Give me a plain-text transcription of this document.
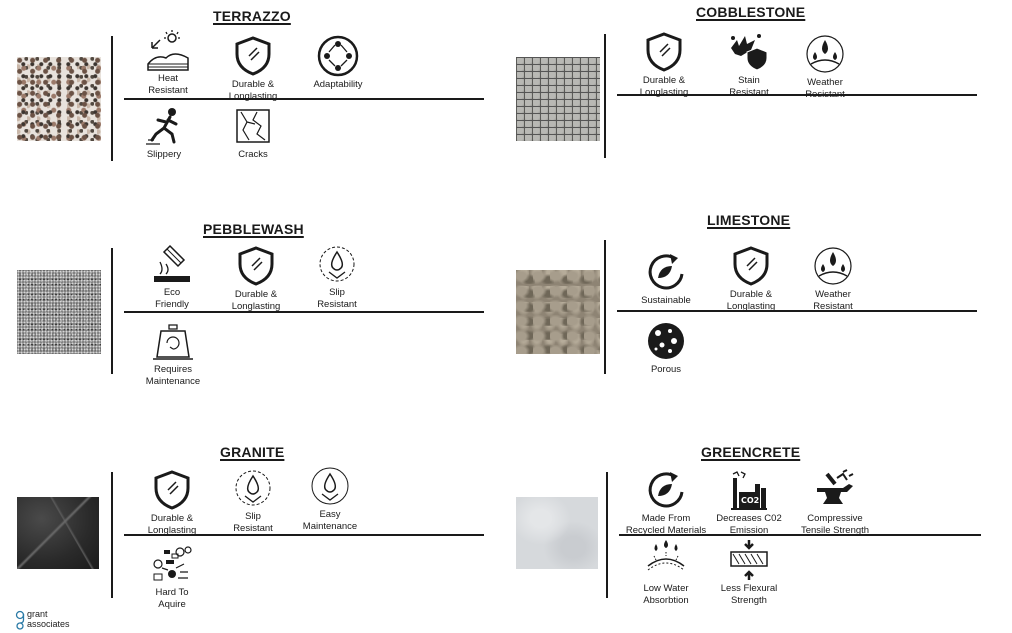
TERRAZZO
Heat
Resistant	Durable &
Longlasting
Adaptability
Slippery	Cracks
COBBLESTONE
Durable &
Longlasting
Stain
Resistant
Weather
Resistant
PEBBLEWASH
Eco
Friendly
Durable &
Longlasting
Slip
Resistant
Requires
Maintenance
LIMESTONE
Sustainable
Durable &
Longlasting
Weather
Resistant
Porous
GRANITE
Durable &
Longlasting
Slip
Resistant
Easy
Maintenance
Hard To
Aquire
GREENCRETE
Made From
Recycled Materials
CO2
Decreases C02
Emission
Compressive
Tensile Strength
Low Water
Absorbtion
Less Flexural
Strength
grant
associates
